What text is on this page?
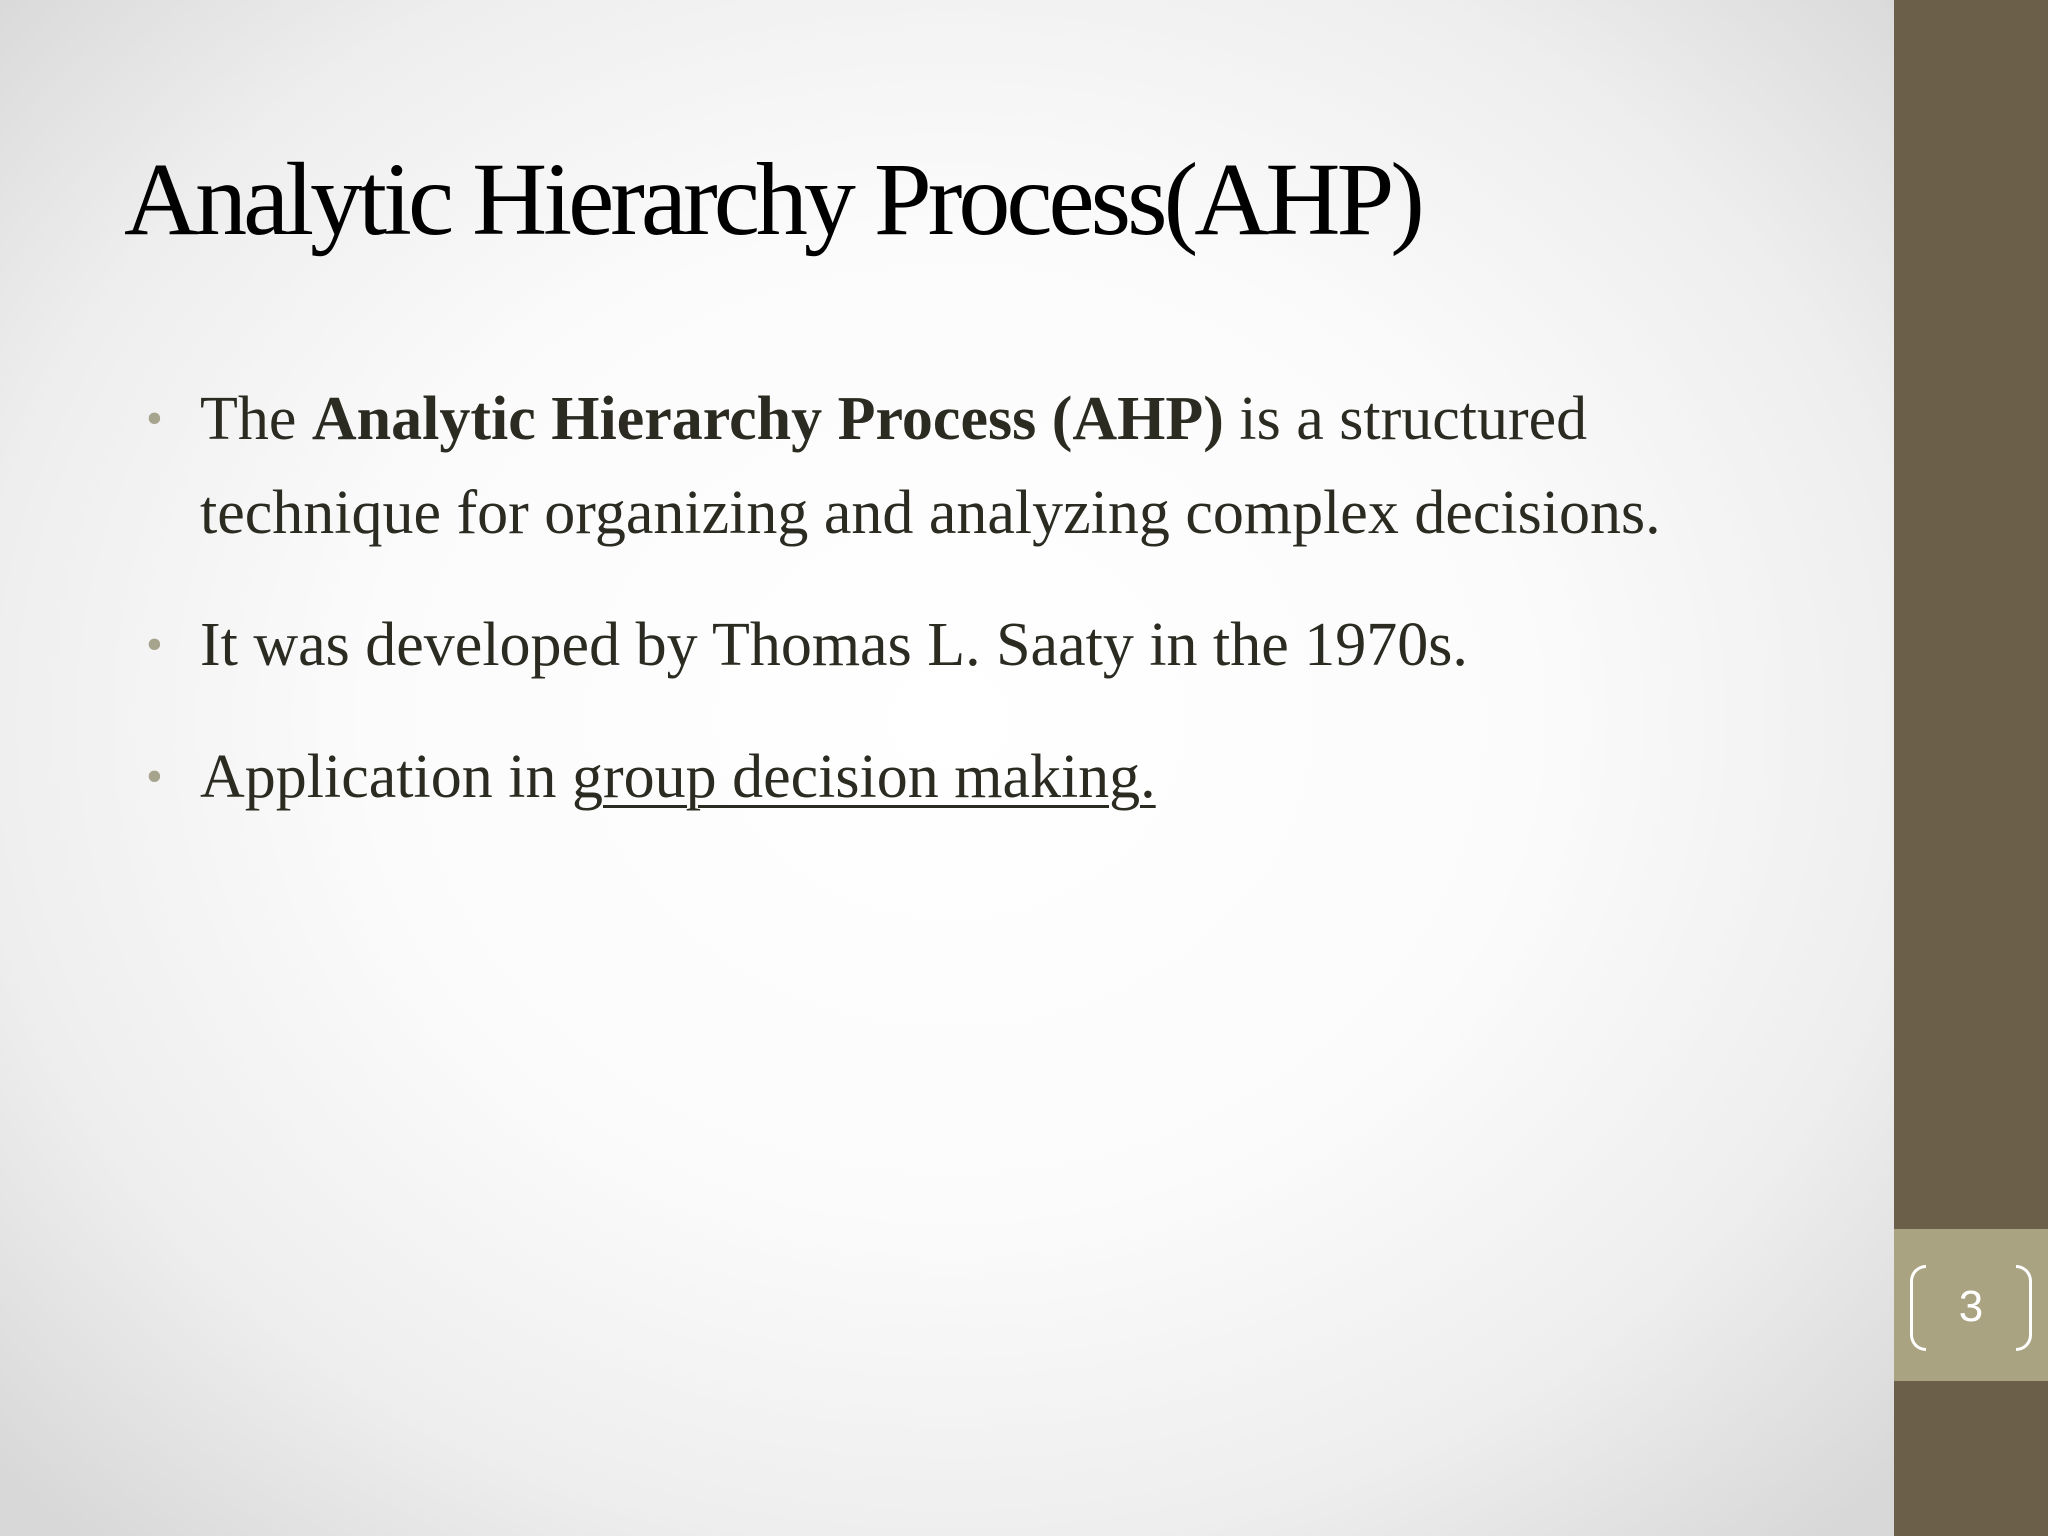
Analytic Hierarchy Process(AHP)
• The Analytic Hierarchy Process (AHP) is a structured technique for organizing and analyzing complex decisions.
• It was developed by Thomas L. Saaty in the 1970s.
• Application in group decision making.
3
